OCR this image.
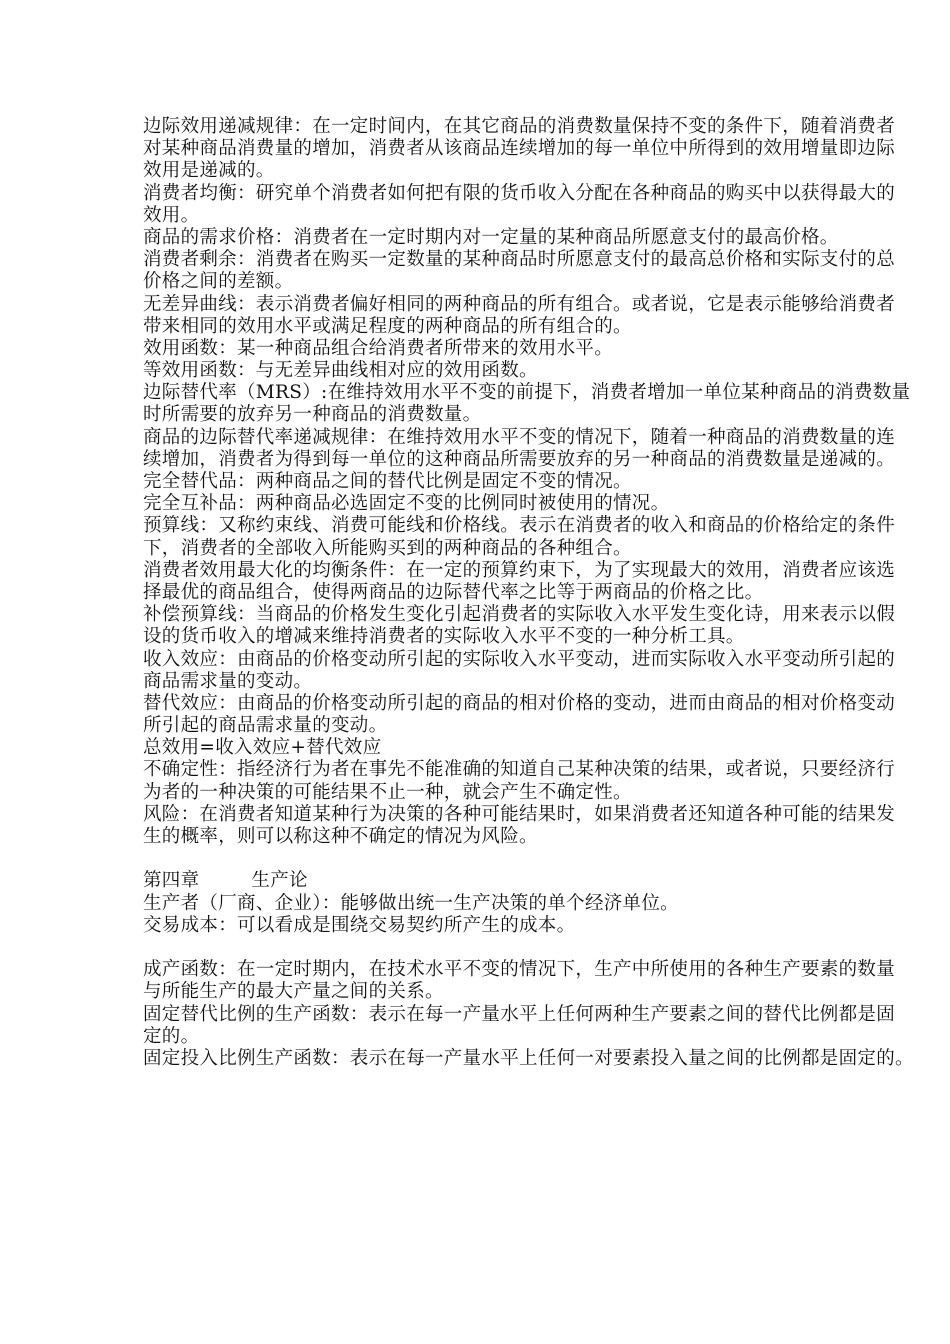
边际效用递减规律：在一定时间内，在其它商品的消费数量保持不变的条件下，随着消费者
对某种商品消费量的增加，消费者从该商品连续增加的每一单位中所得到的效用增量即边际
效用是递减的。
消费者均衡：研究单个消费者如何把有限的货币收入分配在各种商品的购买中以获得最大的
效用。
商品的需求价格：消费者在一定时期内对一定量的某种商品所愿意支付的最高价格。
消费者剩余：消费者在购买一定数量的某种商品时所愿意支付的最高总价格和实际支付的总
价格之间的差额。
无差异曲线：表示消费者偏好相同的两种商品的所有组合。或者说，它是表示能够给消费者
带来相同的效用水平或满足程度的两种商品的所有组合的。
效用函数：某一种商品组合给消费者所带来的效用水平。
等效用函数：与无差异曲线相对应的效用函数。
边际替代率（MRS）:在维持效用水平不变的前提下，消费者增加一单位某种商品的消费数量
时所需要的放弃另一种商品的消费数量。
商品的边际替代率递减规律：在维持效用水平不变的情况下，随着一种商品的消费数量的连
续增加，消费者为得到每一单位的这种商品所需要放弃的另一种商品的消费数量是递减的。
完全替代品：两种商品之间的替代比例是固定不变的情况。
完全互补品：两种商品必选固定不变的比例同时被使用的情况。
预算线：又称约束线、消费可能线和价格线。表示在消费者的收入和商品的价格给定的条件
下，消费者的全部收入所能购买到的两种商品的各种组合。
消费者效用最大化的均衡条件：在一定的预算约束下，为了实现最大的效用，消费者应该选
择最优的商品组合，使得两商品的边际替代率之比等于两商品的价格之比。
补偿预算线：当商品的价格发生变化引起消费者的实际收入水平发生变化诗，用来表示以假
设的货币收入的增减来维持消费者的实际收入水平不变的一种分析工具。
收入效应：由商品的价格变动所引起的实际收入水平变动，进而实际收入水平变动所引起的
商品需求量的变动。
替代效应：由商品的价格变动所引起的商品的相对价格的变动，进而由商品的相对价格变动
所引起的商品需求量的变动。
总效用=收入效应+替代效应
不确定性：指经济行为者在事先不能准确的知道自己某种决策的结果，或者说，只要经济行
为者的一种决策的可能结果不止一种，就会产生不确定性。
风险：在消费者知道某种行为决策的各种可能结果时，如果消费者还知道各种可能的结果发
生的概率，则可以称这种不确定的情况为风险。
第四章	生产论
生产者（厂商、企业）：能够做出统一生产决策的单个经济单位。
交易成本：可以看成是围绕交易契约所产生的成本。
成产函数：在一定时期内，在技术水平不变的情况下，生产中所使用的各种生产要素的数量
与所能生产的最大产量之间的关系。
固定替代比例的生产函数：表示在每一产量水平上任何两种生产要素之间的替代比例都是固
定的。
固定投入比例生产函数：表示在每一产量水平上任何一对要素投入量之间的比例都是固定的。
